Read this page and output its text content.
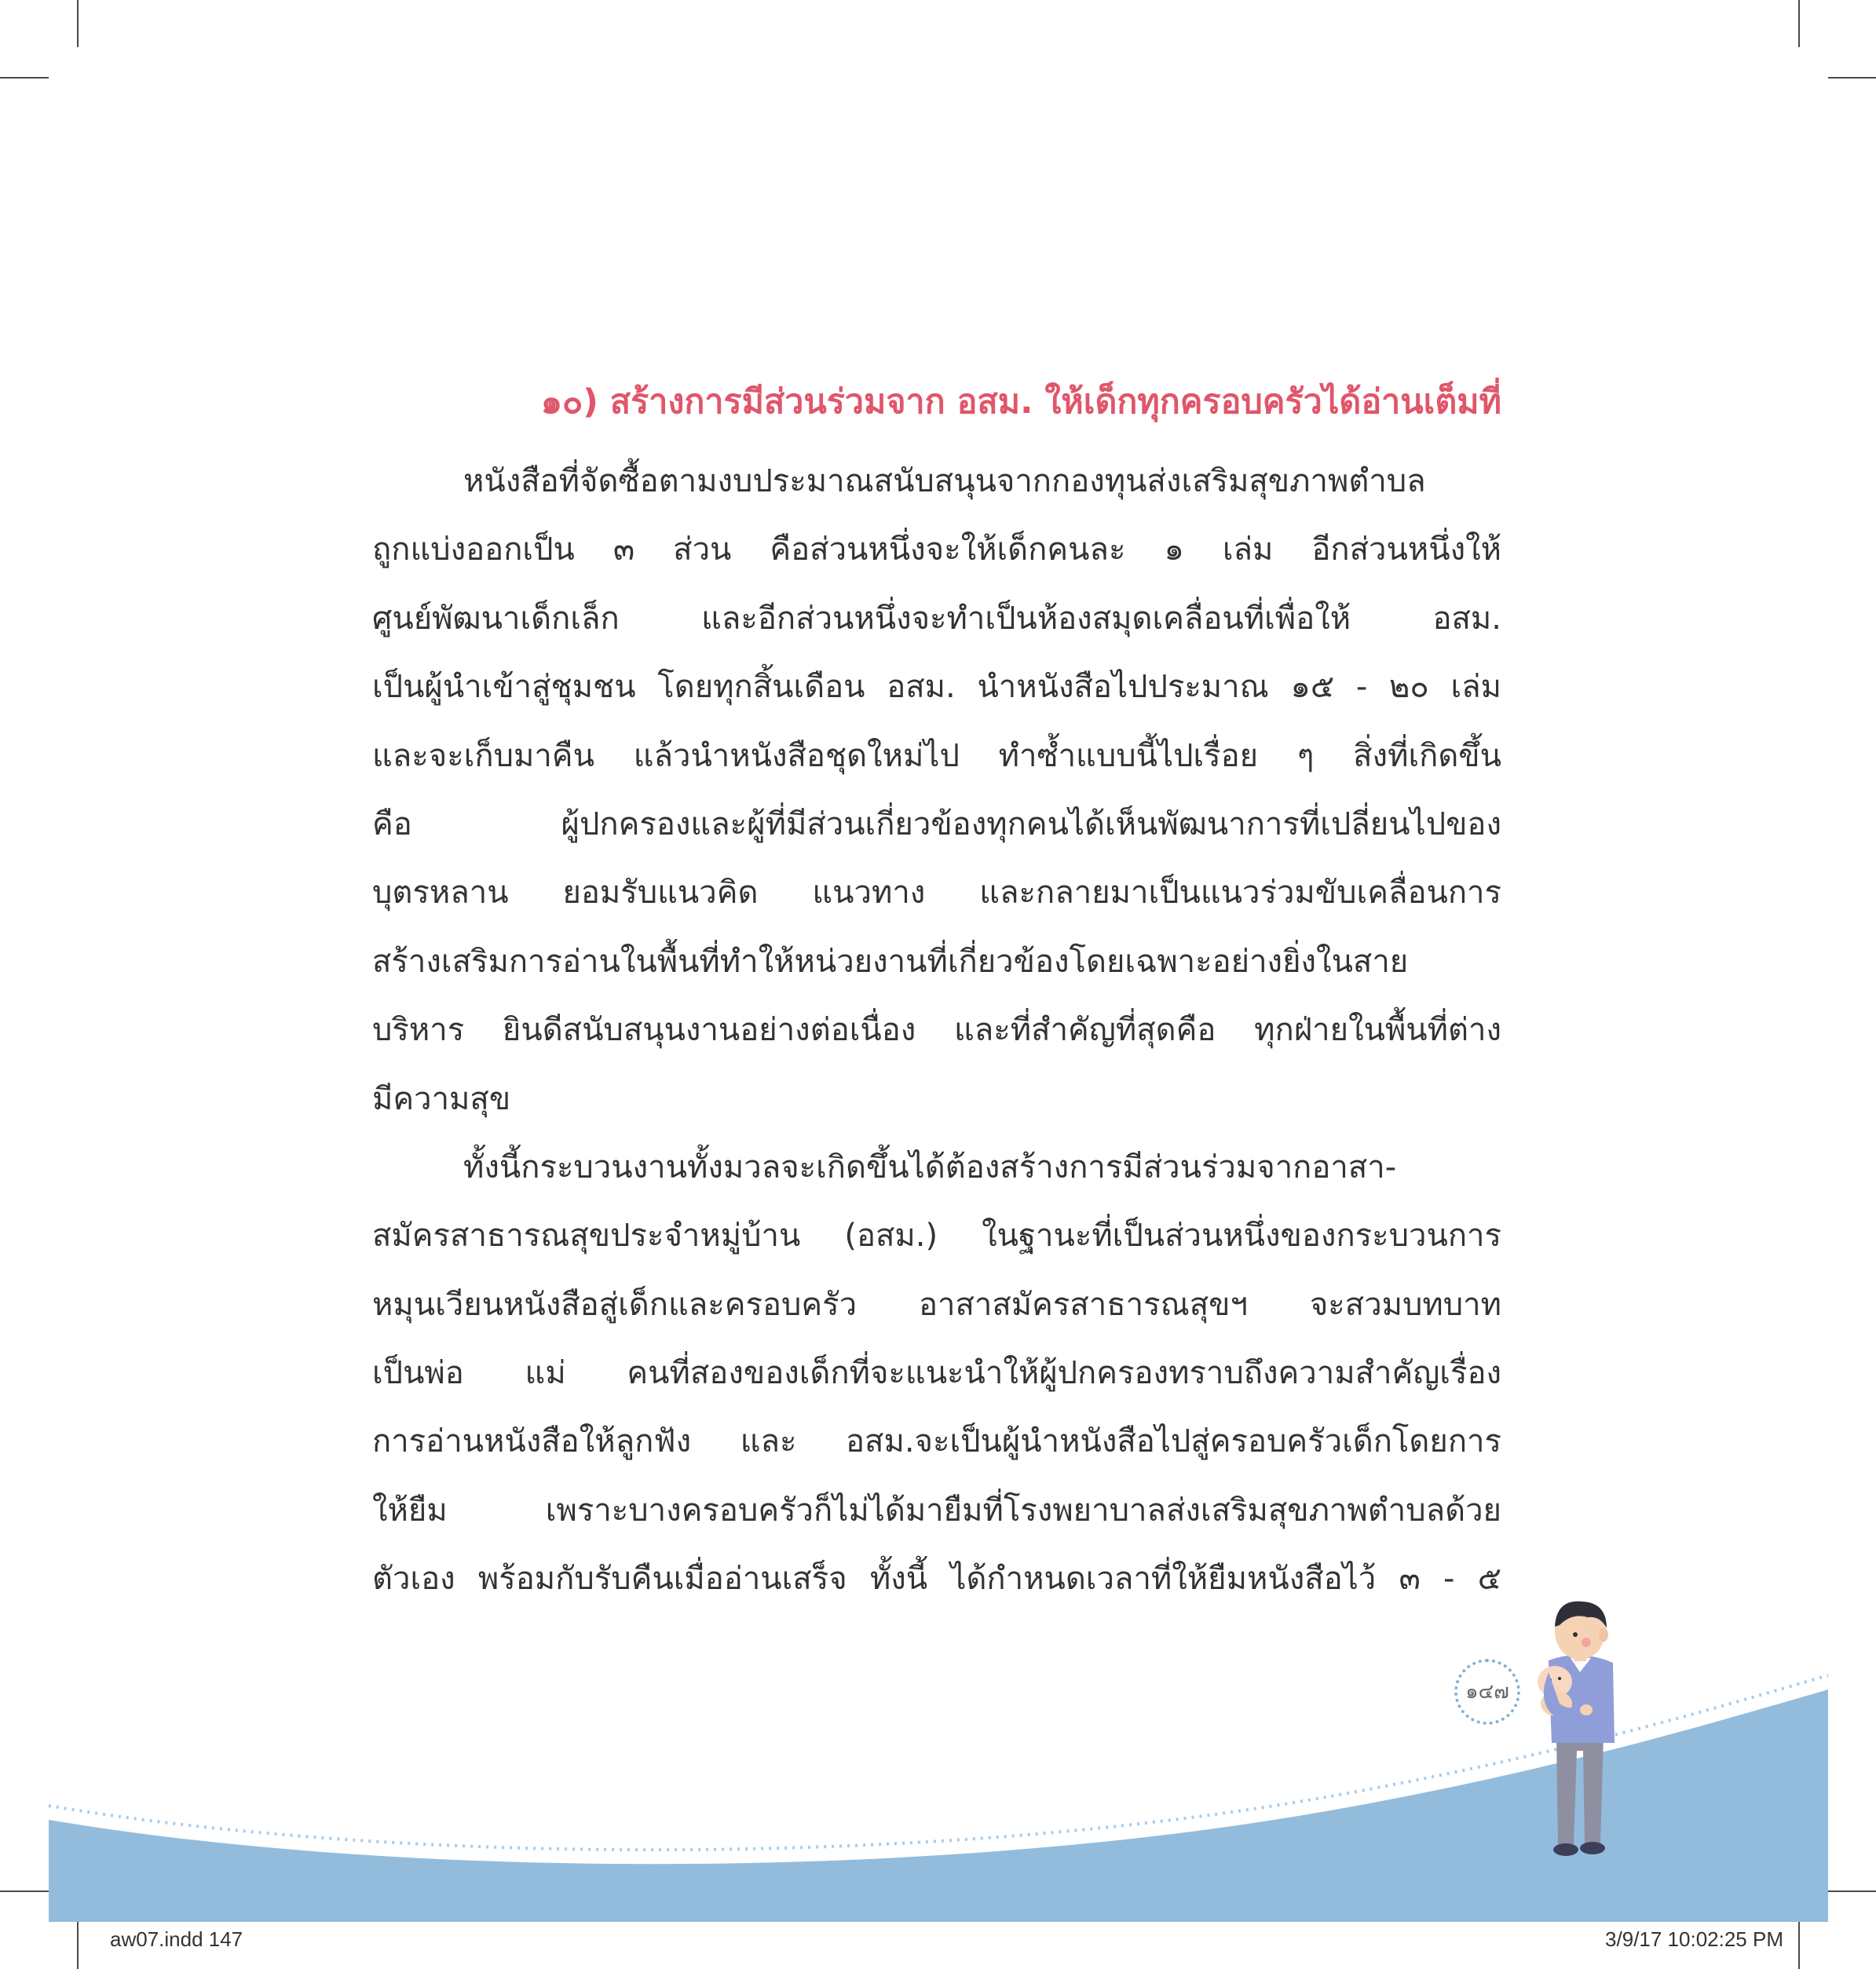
๑๐) สร้างการมีส่วนร่วมจาก อสม. ให้เด็กทุกครอบครัวได้อ่านเต็มที่
หนังสือที่จัดซื้อตามงบประมาณสนับสนุนจากกองทุนส่งเสริมสุขภาพตำบล
ถูกแบ่งออกเป็น ๓ ส่วน คือส่วนหนึ่งจะให้เด็กคนละ ๑ เล่ม อีกส่วนหนึ่งให้
ศูนย์พัฒนาเด็กเล็ก และอีกส่วนหนึ่งจะทำเป็นห้องสมุดเคลื่อนที่เพื่อให้ อสม.
เป็นผู้นำเข้าสู่ชุมชน โดยทุกสิ้นเดือน อสม. นำหนังสือไปประมาณ ๑๕ - ๒๐ เล่ม
และจะเก็บมาคืน แล้วนำหนังสือชุดใหม่ไป ทำซ้ำแบบนี้ไปเรื่อย ๆ สิ่งที่เกิดขึ้น
คือ ผู้ปกครองและผู้ที่มีส่วนเกี่ยวข้องทุกคนได้เห็นพัฒนาการที่เปลี่ยนไปของ
บุตรหลาน ยอมรับแนวคิด แนวทาง และกลายมาเป็นแนวร่วมขับเคลื่อนการ
สร้างเสริมการอ่านในพื้นที่ทำให้หน่วยงานที่เกี่ยวข้องโดยเฉพาะอย่างยิ่งในสาย
บริหาร ยินดีสนับสนุนงานอย่างต่อเนื่อง และที่สำคัญที่สุดคือ ทุกฝ่ายในพื้นที่ต่าง
มีความสุข
ทั้งนี้กระบวนงานทั้งมวลจะเกิดขึ้นได้ต้องสร้างการมีส่วนร่วมจากอาสา-
สมัครสาธารณสุขประจำหมู่บ้าน (อสม.) ในฐานะที่เป็นส่วนหนึ่งของกระบวนการ
หมุนเวียนหนังสือสู่เด็กและครอบครัว อาสาสมัครสาธารณสุขฯ จะสวมบทบาท
เป็นพ่อ แม่ คนที่สองของเด็กที่จะแนะนำให้ผู้ปกครองทราบถึงความสำคัญเรื่อง
การอ่านหนังสือให้ลูกฟัง และ อสม.จะเป็นผู้นำหนังสือไปสู่ครอบครัวเด็กโดยการ
ให้ยืม เพราะบางครอบครัวก็ไม่ได้มายืมที่โรงพยาบาลส่งเสริมสุขภาพตำบลด้วย
ตัวเอง พร้อมกับรับคืนเมื่ออ่านเสร็จ ทั้งนี้ ได้กำหนดเวลาที่ให้ยืมหนังสือไว้ ๓ - ๕
๑๔๗
aw07.indd 147	3/9/17 10:02:25 PM
